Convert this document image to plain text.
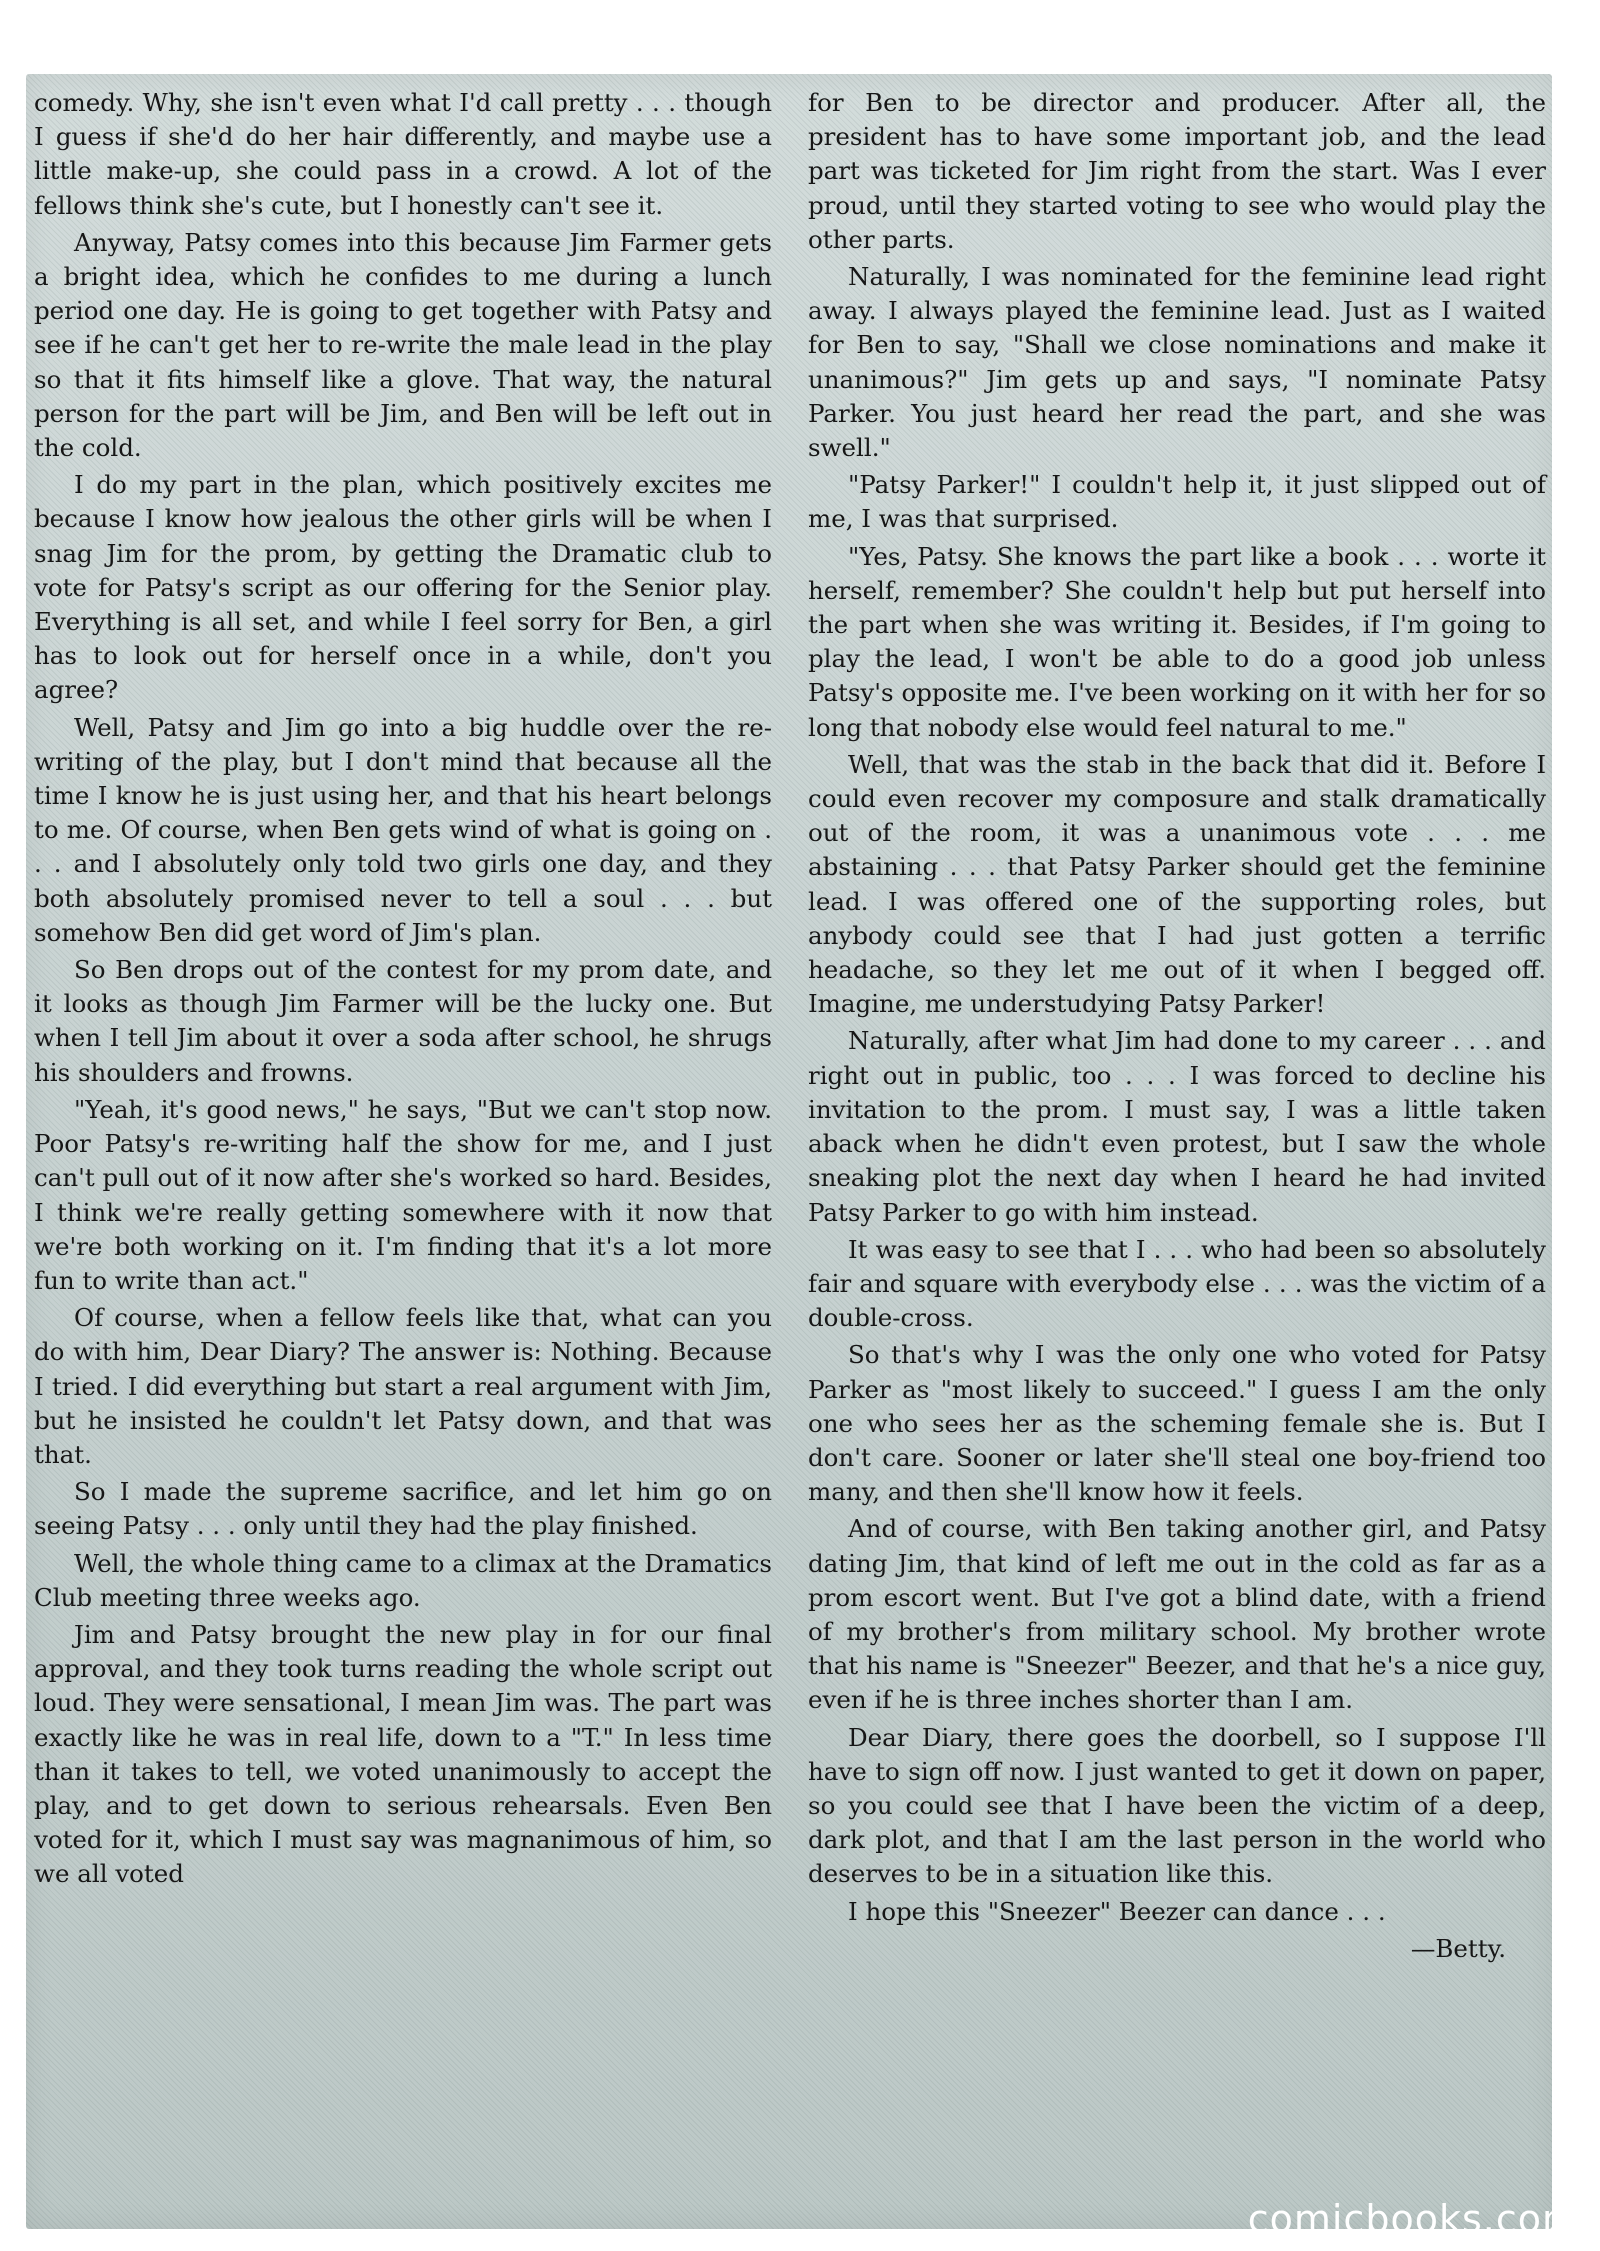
comedy. Why, she isn't even what I'd call pretty . . . though I guess if she'd do her hair differently, and maybe use a little make-up, she could pass in a crowd. A lot of the fellows think she's cute, but I honestly can't see it.

Anyway, Patsy comes into this because Jim Farmer gets a bright idea, which he confides to me during a lunch period one day. He is going to get together with Patsy and see if he can't get her to re-write the male lead in the play so that it fits himself like a glove. That way, the natural person for the part will be Jim, and Ben will be left out in the cold.

I do my part in the plan, which positively excites me because I know how jealous the other girls will be when I snag Jim for the prom, by getting the Dramatic club to vote for Patsy's script as our offering for the Senior play. Everything is all set, and while I feel sorry for Ben, a girl has to look out for herself once in a while, don't you agree?

Well, Patsy and Jim go into a big huddle over the re-writing of the play, but I don't mind that because all the time I know he is just using her, and that his heart belongs to me. Of course, when Ben gets wind of what is going on . . . and I absolutely only told two girls one day, and they both absolutely promised never to tell a soul . . . but somehow Ben did get word of Jim's plan.

So Ben drops out of the contest for my prom date, and it looks as though Jim Farmer will be the lucky one. But when I tell Jim about it over a soda after school, he shrugs his shoulders and frowns.

"Yeah, it's good news," he says, "But we can't stop now. Poor Patsy's re-writing half the show for me, and I just can't pull out of it now after she's worked so hard. Besides, I think we're really getting somewhere with it now that we're both working on it. I'm finding that it's a lot more fun to write than act."

Of course, when a fellow feels like that, what can you do with him, Dear Diary? The answer is: Nothing. Because I tried. I did everything but start a real argument with Jim, but he insisted he couldn't let Patsy down, and that was that.

So I made the supreme sacrifice, and let him go on seeing Patsy . . . only until they had the play finished.

Well, the whole thing came to a climax at the Dramatics Club meeting three weeks ago.

Jim and Patsy brought the new play in for our final approval, and they took turns reading the whole script out loud. They were sensational, I mean Jim was. The part was exactly like he was in real life, down to a "T." In less time than it takes to tell, we voted unanimously to accept the play, and to get down to serious rehearsals. Even Ben voted for it, which I must say was magnanimous of him, so we all voted

for Ben to be director and producer. After all, the president has to have some important job, and the lead part was ticketed for Jim right from the start. Was I ever proud, until they started voting to see who would play the other parts.

Naturally, I was nominated for the feminine lead right away. I always played the feminine lead. Just as I waited for Ben to say, "Shall we close nominations and make it unanimous?" Jim gets up and says, "I nominate Patsy Parker. You just heard her read the part, and she was swell."

"Patsy Parker!" I couldn't help it, it just slipped out of me, I was that surprised.

"Yes, Patsy. She knows the part like a book . . . worte it herself, remember? She couldn't help but put herself into the part when she was writing it. Besides, if I'm going to play the lead, I won't be able to do a good job unless Patsy's opposite me. I've been working on it with her for so long that nobody else would feel natural to me."

Well, that was the stab in the back that did it. Before I could even recover my composure and stalk dramatically out of the room, it was a unanimous vote . . . me abstaining . . . that Patsy Parker should get the feminine lead. I was offered one of the supporting roles, but anybody could see that I had just gotten a terrific headache, so they let me out of it when I begged off. Imagine, me understudying Patsy Parker!

Naturally, after what Jim had done to my career . . . and right out in public, too . . . I was forced to decline his invitation to the prom. I must say, I was a little taken aback when he didn't even protest, but I saw the whole sneaking plot the next day when I heard he had invited Patsy Parker to go with him instead.

It was easy to see that I . . . who had been so absolutely fair and square with everybody else . . . was the victim of a double-cross.

So that's why I was the only one who voted for Patsy Parker as "most likely to succeed." I guess I am the only one who sees her as the scheming female she is. But I don't care. Sooner or later she'll steal one boy-friend too many, and then she'll know how it feels.

And of course, with Ben taking another girl, and Patsy dating Jim, that kind of left me out in the cold as far as a prom escort went. But I've got a blind date, with a friend of my brother's from military school. My brother wrote that his name is "Sneezer" Beezer, and that he's a nice guy, even if he is three inches shorter than I am.

Dear Diary, there goes the doorbell, so I suppose I'll have to sign off now. I just wanted to get it down on paper, so you could see that I have been the victim of a deep, dark plot, and that I am the last person in the world who deserves to be in a situation like this.

I hope this "Sneezer" Beezer can dance . . .

—Betty.

comicbooks.com
